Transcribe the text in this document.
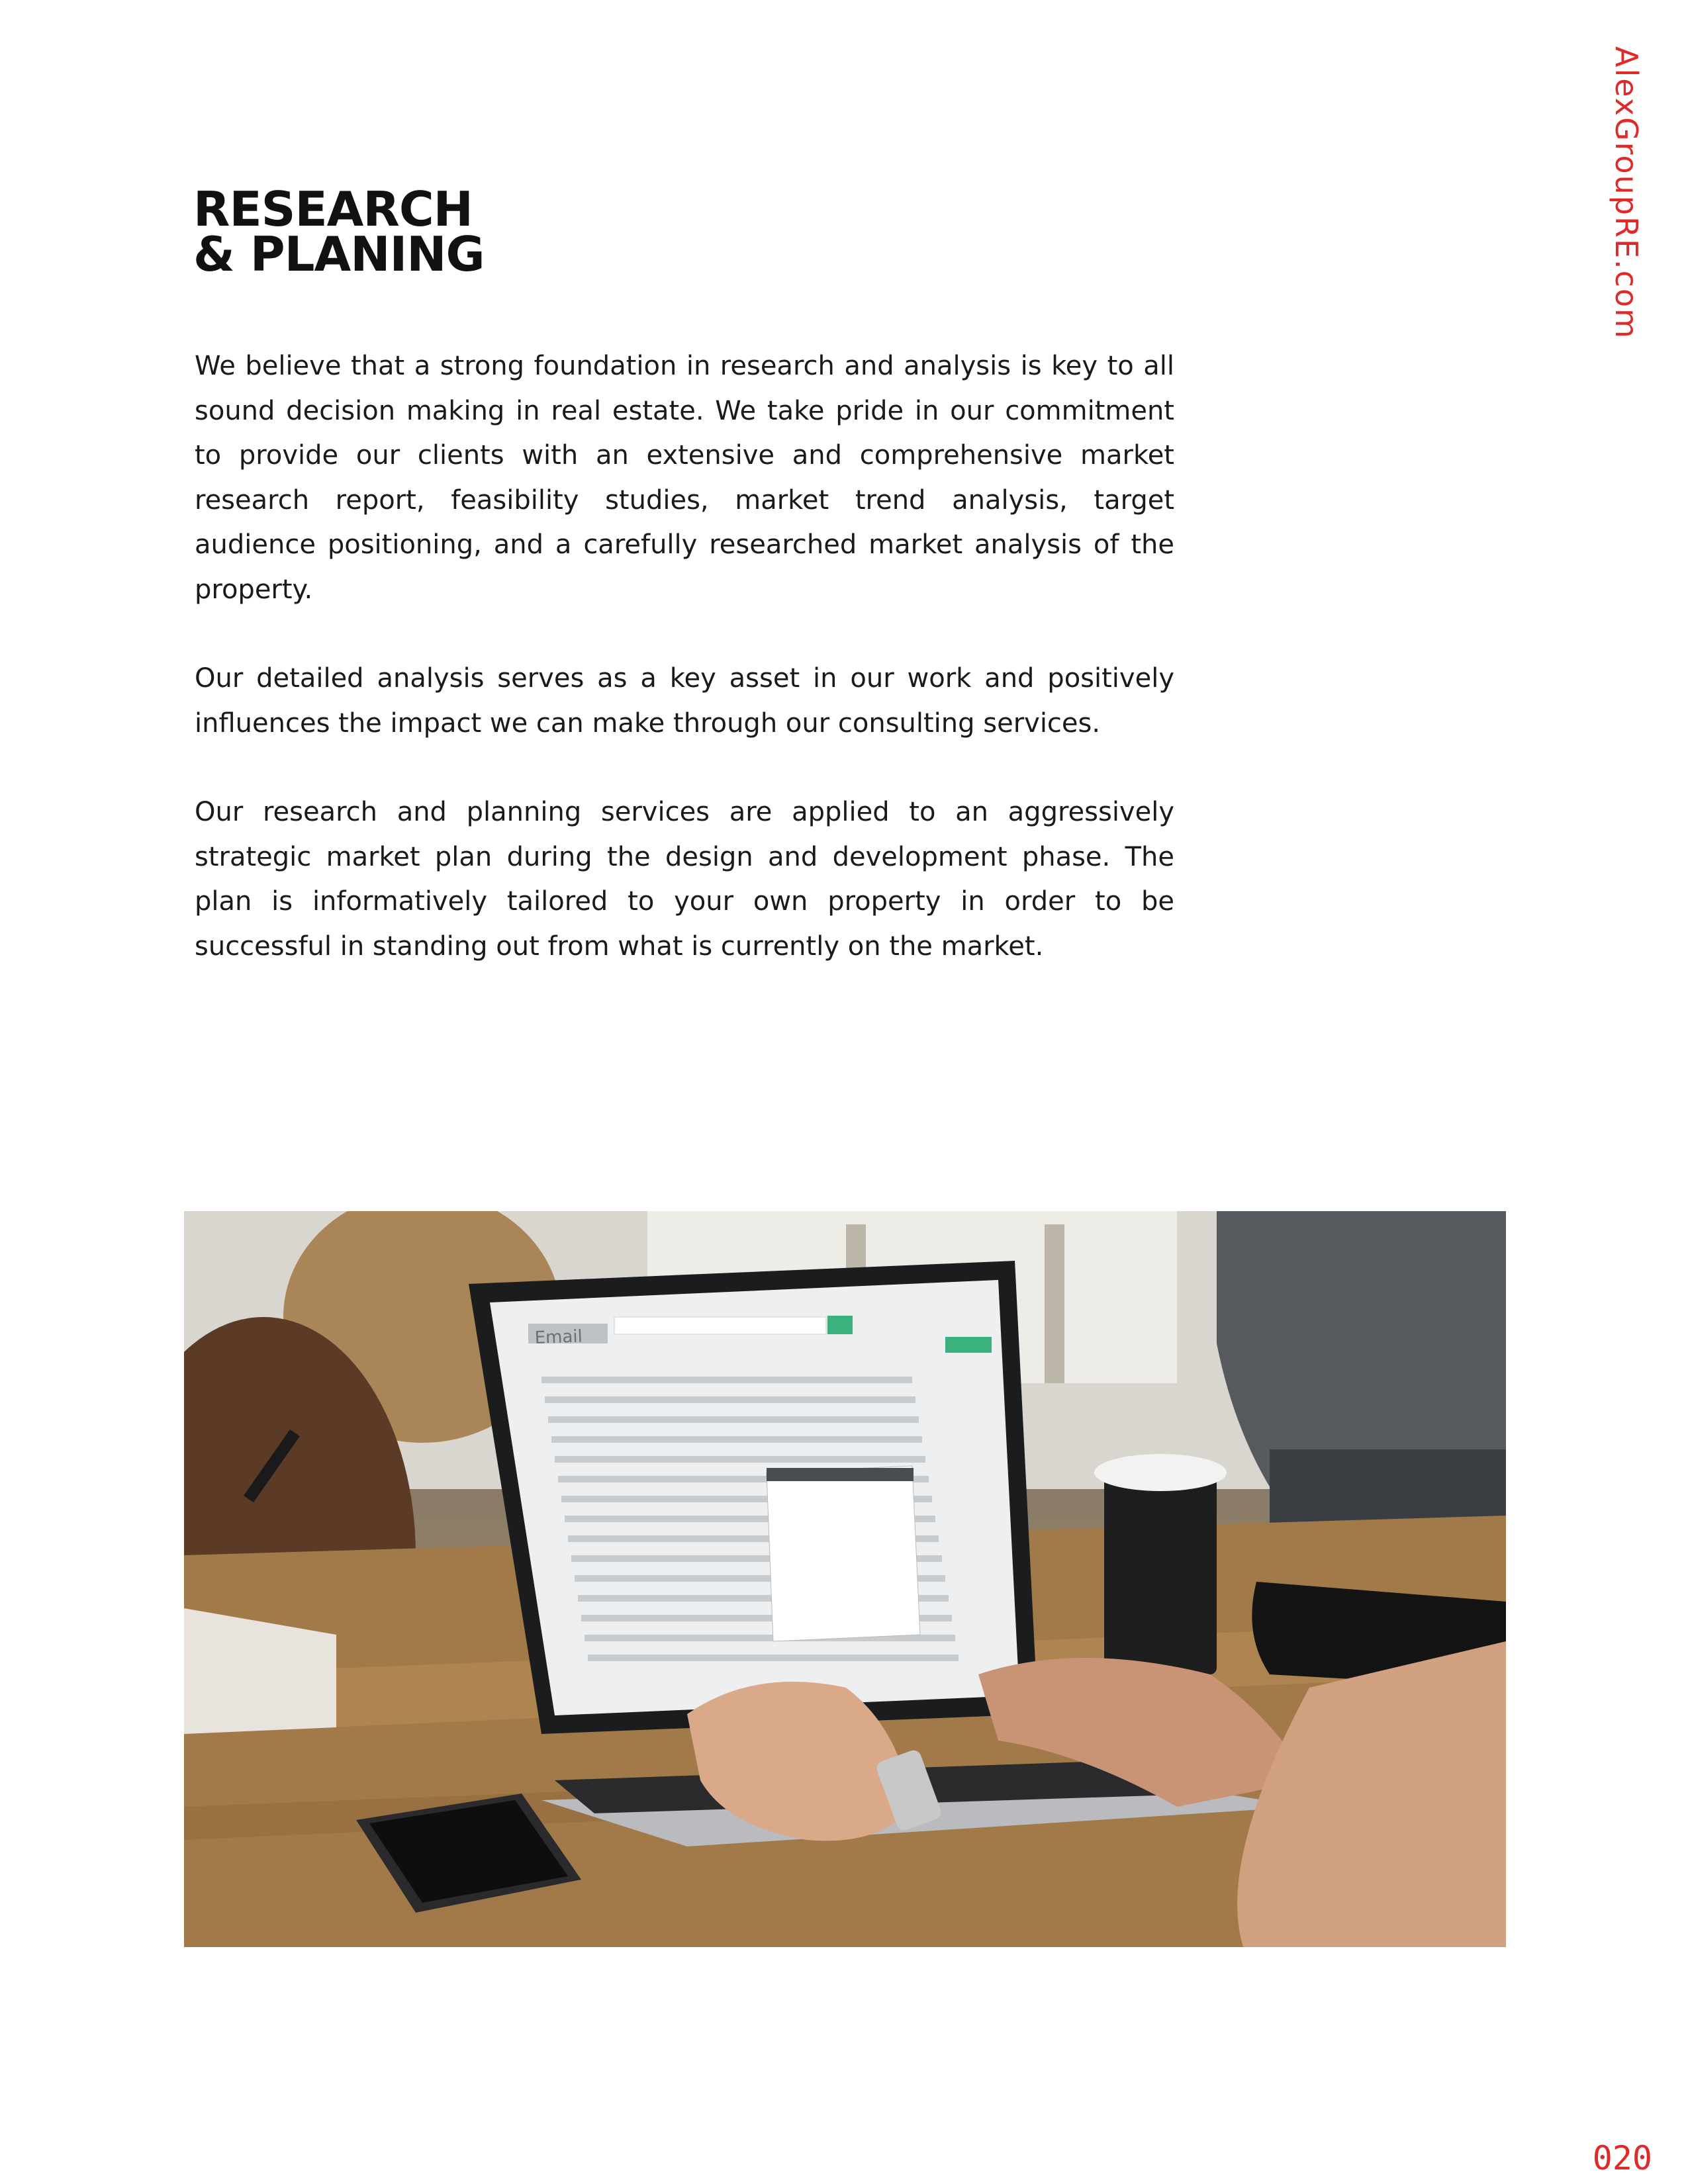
AlexGroupRE.com
RESEARCH
& PLANING

We believe that a strong foundation in research and analysis is key to all sound decision making in real estate. We take pride in our commitment to provide our clients with an extensive and comprehensive market research report, feasibility studies, market trend analysis, target audience positioning, and a carefully researched market analysis of the property.

Our detailed analysis serves as a key asset in our work and positively influences the impact we can make through our consulting services.

Our research and planning services are applied to an aggressively strategic market plan during the design and development phase. The plan is informatively tailored to your own property in order to be successful in standing out from what is currently on the market.

Email
020
